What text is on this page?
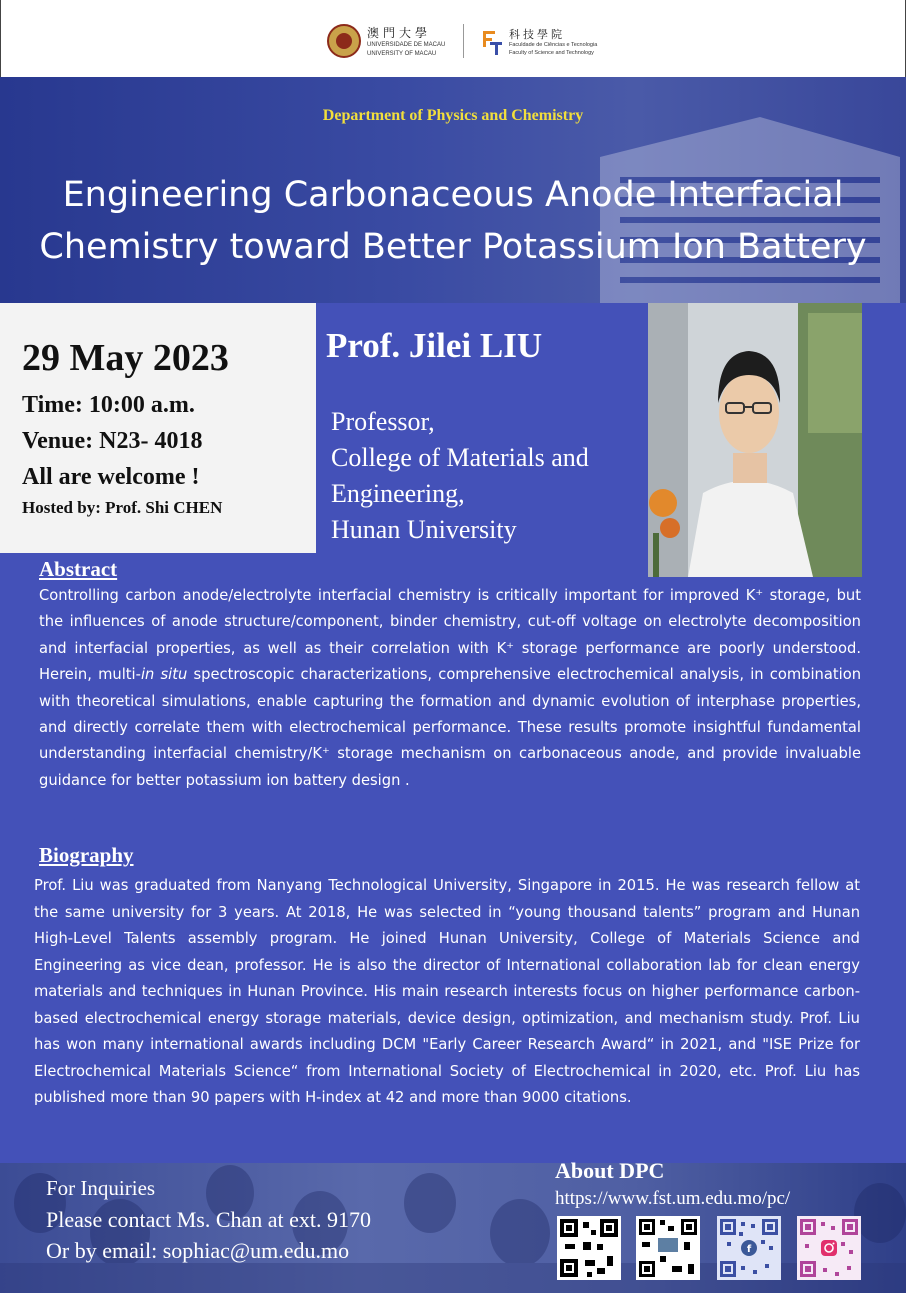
澳門大學
UNIVERSIDADE DE MACAU
UNIVERSITY OF MACAU
科技學院
Faculdade de Ciências e Tecnologia
Faculty of Science and Technology
Department of Physics and Chemistry
Engineering Carbonaceous Anode Interfacial
Chemistry toward Better Potassium Ion Battery
29 May 2023
Time: 10:00 a.m.
Venue: N23- 4018
All are welcome !
Hosted by: Prof. Shi CHEN
Prof. Jilei LIU
Professor,
College of Materials and
Engineering,
Hunan University
Abstract
Controlling carbon anode/electrolyte interfacial chemistry is critically important for improved K⁺ storage, but the influences of anode structure/component, binder chemistry, cut-off voltage on electrolyte decomposition and interfacial properties, as well as their correlation with K⁺ storage performance are poorly understood. Herein, multi-in situ spectroscopic characterizations, comprehensive electrochemical analysis, in combination with theoretical simulations, enable capturing the formation and dynamic evolution of interphase properties, and directly correlate them with electrochemical performance. These results promote insightful fundamental understanding interfacial chemistry/K⁺ storage mechanism on carbonaceous anode, and provide invaluable guidance for better potassium ion battery design .
Biography
Prof. Liu was graduated from Nanyang Technological University, Singapore in 2015. He was research fellow at the same university for 3 years. At 2018, He was selected in “young thousand talents” program and Hunan High-Level Talents assembly program. He joined Hunan University, College of Materials Science and Engineering as vice dean, professor. He is also the director of International collaboration lab for clean energy materials and techniques in Hunan Province. His main research interests focus on higher performance carbon-based electrochemical energy storage materials, device design, optimization, and mechanism study. Prof. Liu has won many international awards including DCM "Early Career Research Award“ in 2021, and "ISE Prize for Electrochemical Materials Science“ from International Society of Electrochemical in 2020, etc. Prof. Liu has published more than 90 papers with H-index at 42 and more than 9000 citations.
For Inquiries
Please contact Ms. Chan at ext. 9170
Or by email: sophiac@um.edu.mo
About DPC
https://www.fst.um.edu.mo/pc/
f
